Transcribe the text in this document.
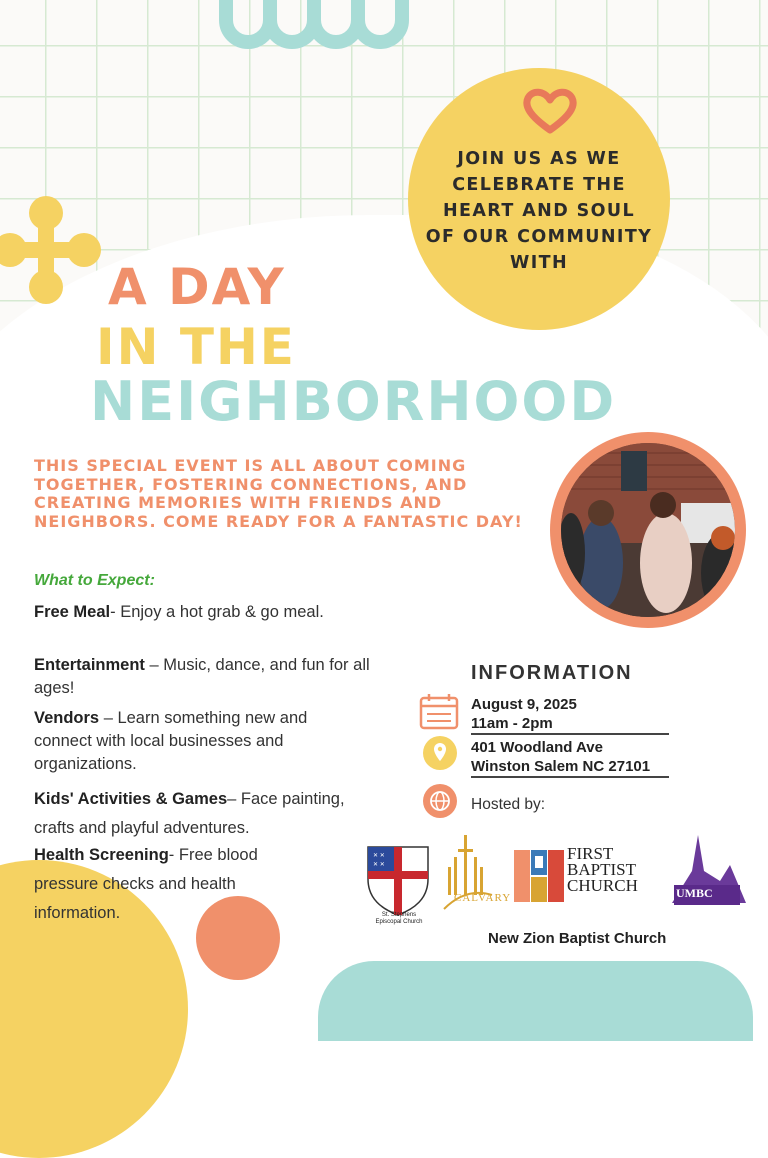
JOIN US AS WE CELEBRATE THE HEART AND SOUL OF OUR COMMUNITY WITH
A DAY
IN THE
NEIGHBORHOOD
THIS SPECIAL EVENT IS ALL ABOUT COMING TOGETHER, FOSTERING CONNECTIONS, AND CREATING MEMORIES WITH FRIENDS AND NEIGHBORS. COME READY FOR A FANTASTIC DAY!
What to Expect:
Free Meal- Enjoy a hot grab & go meal.
Entertainment – Music, dance, and fun for all ages!
Vendors – Learn something new and connect with local businesses and organizations.
Kids' Activities & Games– Face painting, crafts and playful adventures.
Health Screening- Free blood pressure checks and health information.
INFORMATION
August 9, 2025
11am - 2pm
401 Woodland Ave
Winston Salem NC 27101
Hosted by:
✕ ✕
✕ ✕
St. Stephens
Episcopal Church
CALVARY
FIRST
BAPTIST
CHURCH	UMBC
New Zion Baptist Church
